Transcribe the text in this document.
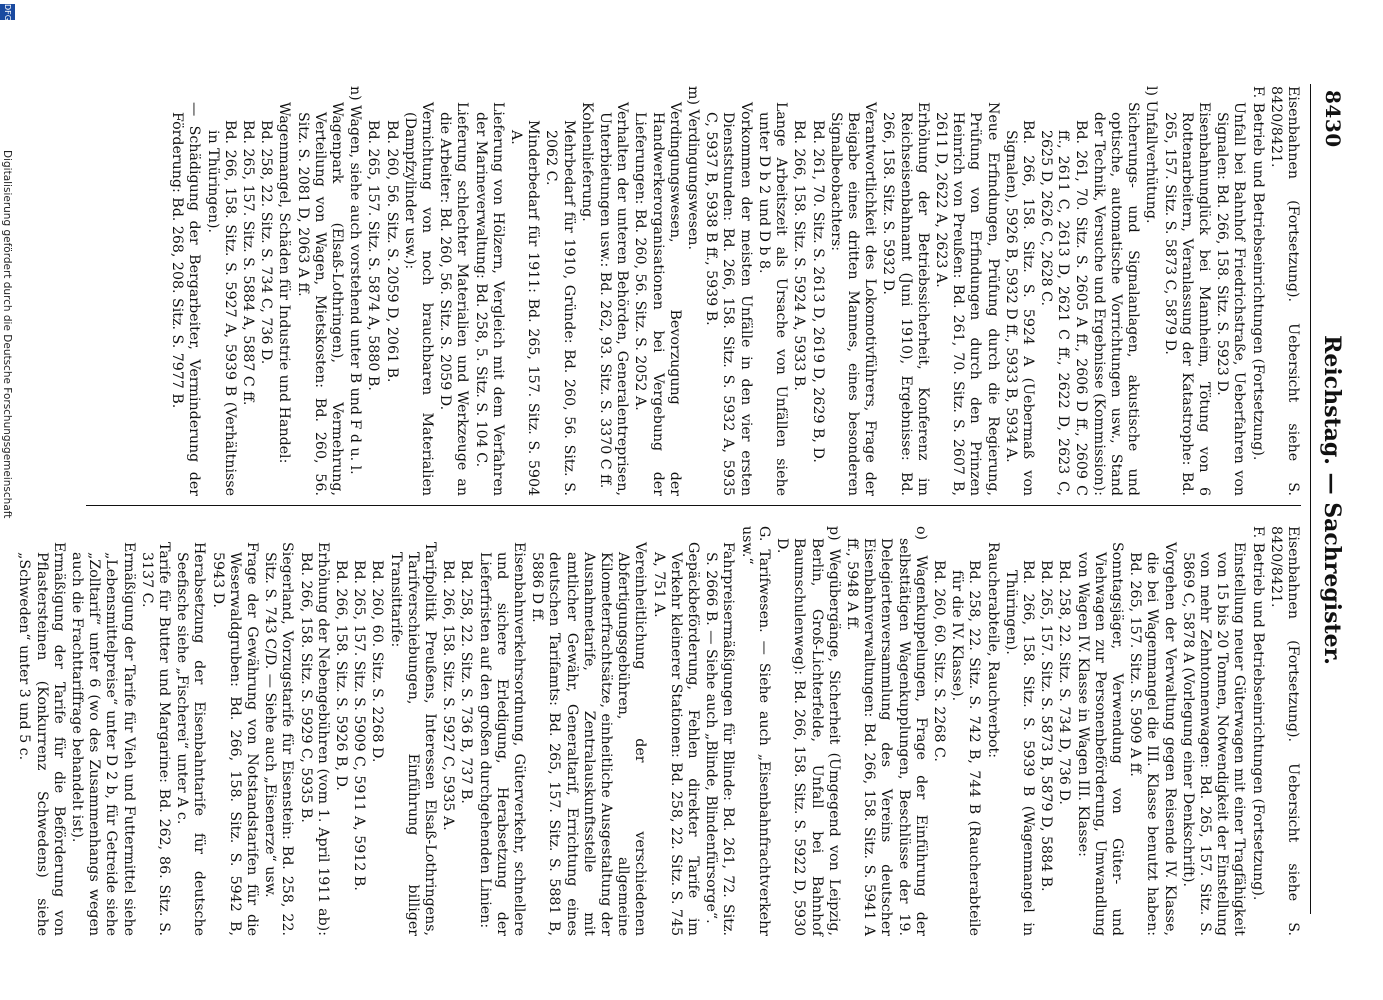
8430
Reichstag. — Sachregister.

Eisenbahnen (Fortsetzung). Uebersicht siehe S. 8420/8421.

F. Betrieb und Betriebseinrichtungen (Fortsetzung).

Unfall bei Bahnhof Friedrichstraße, Ueberfahren von Signalen: Bd. 266, 158. Sitz. S. 5923 D.

Eisenbahnunglück bei Mannheim, Tötung von 6 Rottenarbeitern, Veranlassung der Katastrophe: Bd. 265, 157. Sitz. S. 5873 C, 5879 D.

l) Unfallverhütung.

Sicherungs- und Signalanlagen, akustische und optische, automatische Vorrichtungen usw., Stand der Technik, Versuche und Ergebnisse (Kommission):

Bd. 261, 70. Sitz. S. 2605 A ff., 2606 D ff., 2609 C ff., 2611 C, 2613 D, 2621 C ff., 2622 D, 2623 C, 2625 D, 2626 C, 2628 C.

Bd. 266, 158. Sitz. S. 5924 A (Uebermaß von Signalen), 5926 B, 5932 D ff., 5933 B, 5934 A.

Neue Erfindungen, Prüfung durch die Regierung, Prüfung von Erfindungen durch den Prinzen Heinrich von Preußen: Bd. 261, 70. Sitz. S. 2607 B, 2611 D, 2622 A, 2623 A.

Erhöhung der Betriebssicherheit, Konferenz im Reichseisenbahnamt (Juni 1910), Ergebnisse: Bd. 266, 158. Sitz. S. 5932 D.

Verantwortlichkeit des Lokomotivführers, Frage der Beigabe eines dritten Mannes, eines besonderen Signalbeobachters:

Bd. 261, 70. Sitz. S. 2613 D, 2619 D, 2629 B, D.

Bd. 266, 158. Sitz. S. 5924 A, 5933 B.

Lange Arbeitszeit als Ursache von Unfällen siehe unter D b 2 und D b 8.

Vorkommen der meisten Unfälle in den vier ersten Dienststunden: Bd. 266, 158. Sitz. S. 5932 A, 5935 C, 5937 B, 5938 B ff., 5939 B.

m) Verdingungswesen.

Verdingungswesen, Bevorzugung der Handwerkerorganisationen bei Vergebung der Lieferungen: Bd. 260, 56. Sitz. S. 2052 A.

Verhalten der unteren Behörden, Generalentreprisen, Unterbietungen usw.: Bd. 262, 93. Sitz. S. 3370 C ff.

Kohlenlieferung.

Mehrbedarf für 1910, Gründe: Bd. 260, 56. Sitz. S. 2062 C.

Minderbedarf für 1911: Bd. 265, 157. Sitz. S. 5904 A.

Lieferung von Hölzern, Vergleich mit dem Verfahren der Marineverwaltung: Bd. 258, 5. Sitz. S. 104 C.

Lieferung schlechter Materialien und Werkzeuge an die Arbeiter: Bd. 260, 56. Sitz. S. 2059 D.

Vernichtung von noch brauchbaren Materialien (Dampfzylinder usw.):

Bd. 260, 56. Sitz. S. 2059 D, 2061 B.

Bd. 265, 157. Sitz. S. 5874 A, 5880 B.

n) Wagen, siehe auch vorstehend unter B und F d u. l.

Wagenpark (Elsaß-Lothringen), Vermehrung, Verteilung von Wagen, Mietskosten: Bd. 260, 56. Sitz. S. 2081 D, 2063 A ff.

Wagenmangel, Schäden für Industrie und Handel:

Bd. 258, 22. Sitz. S. 734 C, 736 D.

Bd. 265, 157. Sitz. S. 5884 A, 5887 C ff.

Bd. 266, 158. Sitz. S. 5927 A, 5939 B (Verhältnisse in Thüringen).

— Schädigung der Bergarbeiter, Verminderung der Förderung: Bd. 268, 208. Sitz. S. 7977 B.

Eisenbahnen (Fortsetzung). Uebersicht siehe S. 8420/8421.

F. Betrieb und Betriebseinrichtungen (Fortsetzung).

Einstellung neuer Güterwagen mit einer Tragfähigkeit von 15 bis 20 Tonnen, Notwendigkeit der Einstellung von mehr Zehntonnenwagen: Bd. 265, 157. Sitz. S. 5869 C, 5878 A (Vorlegung einer Denkschrift).

Vorgehen der Verwaltung gegen Reisende IV. Klasse, die bei Wagenmangel die III. Klasse benutzt haben: Bd. 265, 157. Sitz. S. 5909 A ff.

Sonntagsjäger, Verwendung von Güter- und Viehwagen zur Personenbeförderung, Umwandlung von Wagen IV. Klasse in Wagen III. Klasse:

Bd. 258, 22. Sitz. S. 734 D, 736 D.

Bd. 265, 157. Sitz. S. 5873 B, 5879 D, 5884 B.

Bd. 266, 158. Sitz. S. 5939 B (Wagenmangel in Thüringen).

Raucherabteile, Rauchverbot:

Bd. 258, 22. Sitz. S. 742 B, 744 B (Raucherabteile für die IV. Klasse).

Bd. 260, 60. Sitz. S. 2268 C.

o) Wagenkuppelungen, Frage der Einführung der selbsttätigen Wagenkupplungen, Beschlüsse der 19. Delegiertenversammlung des Vereins deutscher Eisenbahnverwaltungen: Bd. 266, 158. Sitz. S. 5941 A ff., 5948 A ff.

p) Wegübergänge, Sicherheit (Umgegend von Leipzig, Berlin, Groß-Lichterfelde, Unfall bei Bahnhof Baumschulenweg): Bd. 266, 158. Sitz. S. 5922 D, 5930 D.

G. Tarifwesen. — Siehe auch „Eisenbahnfrachtverkehr usw.“

Fahrpreisermäßigungen für Blinde: Bd. 261, 72. Sitz. S. 2666 B. — Siehe auch „Blinde, Blindenfürsorge“.

Gepäckbeförderung, Fehlen direkter Tarife im Verkehr kleinerer Stationen: Bd. 258, 22. Sitz. S. 745 A, 751 A.

Vereinheitlichung der verschiedenen Abfertigungsgebühren, allgemeine Kilometerfrachtsätze, einheitliche Ausgestaltung der Ausnahmetarife, Zentralauskunftsstelle mit amtlicher Gewähr, Generaltarif, Errichtung eines deutschen Tarifamts: Bd. 265, 157. Sitz. S. 5881 B, 5886 D ff.

Eisenbahnverkehrsordnung, Güterverkehr, schnellere und sichere Erledigung, Herabsetzung der Lieferfristen auf den großen durchgehenden Linien:

Bd. 258, 22. Sitz. S. 736 B, 737 B.

Bd. 266, 158. Sitz. S. 5927 C, 5935 A.

Tarifpolitik Preußens, Interessen Elsaß-Lothringens, Tarifverschiebungen, Einführung billiger Transittarife:

Bd. 260, 60. Sitz. S. 2268 D.

Bd. 265, 157. Sitz. S. 5909 C, 5911 A, 5912 B.

Bd. 266, 158. Sitz. S. 5926 B, D.

Erhöhung der Nebengebühren (vom 1. April 1911 ab): Bd. 266, 158. Sitz. S. 5929 C, 5935 B.

Siegerland, Vorzugstarife für Eisenstein: Bd. 258, 22. Sitz. S. 743 C/D. — Siehe auch „Eisenerze“ usw.

Frage der Gewährung von Notstandstarifen für die Weserwaldgruben: Bd. 266, 158. Sitz. S. 5942 B, 5943 D.

Herabsetzung der Eisenbahntarife für deutsche Seefische siehe „Fischerei“ unter A c.

Tarife für Butter und Margarine: Bd. 262, 86. Sitz. S. 3137 C.

Ermäßigung der Tarife für Vieh und Futtermittel siehe „Lebensmittelpreise“ unter D 2 b, für Getreide siehe „Zolltarif“ unter 6 (wo des Zusammenhangs wegen auch die Frachttariffrage behandelt ist).

Ermäßigung der Tarife für die Beförderung von Pflastersteinen (Konkurrenz Schwedens) siehe „Schweden“ unter 3 und 5 c.

DFG
Digitalisierung gefördert durch die Deutsche Forschungsgemeinschaft
